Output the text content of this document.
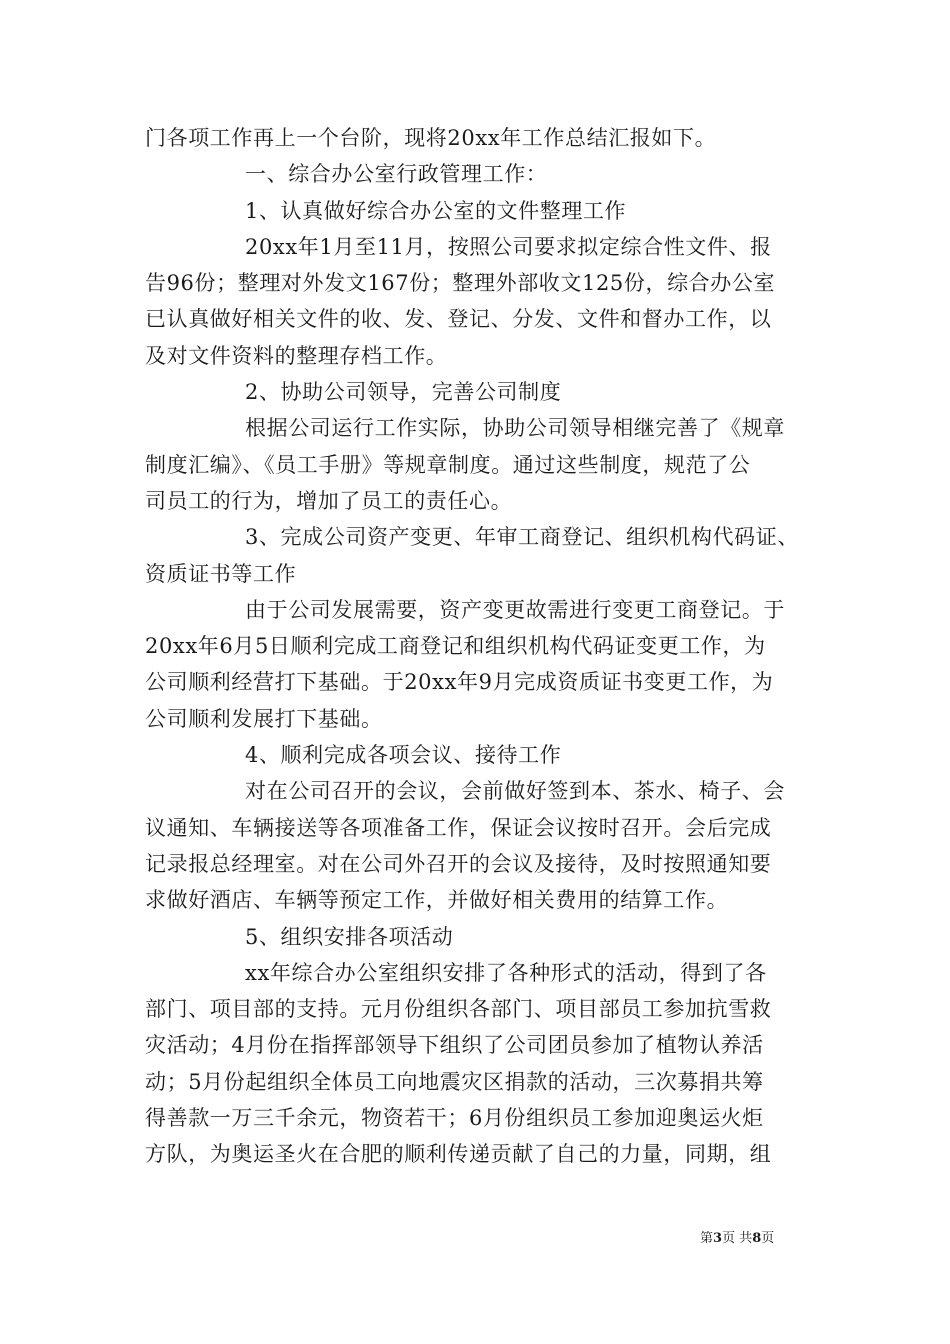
门各项工作再上一个台阶，现将20xx年工作总结汇报如下。
一、综合办公室行政管理工作：
1、认真做好综合办公室的文件整理工作
20xx年1月至11月，按照公司要求拟定综合性文件、报
告96份；整理对外发文167份；整理外部收文125份，综合办公室
已认真做好相关文件的收、发、登记、分发、文件和督办工作，以
及对文件资料的整理存档工作。
2、协助公司领导，完善公司制度
根据公司运行工作实际，协助公司领导相继完善了《规章
制度汇编》、《员工手册》等规章制度。通过这些制度，规范了公
司员工的行为，增加了员工的责任心。
3、完成公司资产变更、年审工商登记、组织机构代码证、
资质证书等工作
由于公司发展需要，资产变更故需进行变更工商登记。于
20xx年6月5日顺利完成工商登记和组织机构代码证变更工作，为
公司顺利经营打下基础。于20xx年9月完成资质证书变更工作，为
公司顺利发展打下基础。
4、顺利完成各项会议、接待工作
对在公司召开的会议，会前做好签到本、茶水、椅子、会
议通知、车辆接送等各项准备工作，保证会议按时召开。会后完成
记录报总经理室。对在公司外召开的会议及接待，及时按照通知要
求做好酒店、车辆等预定工作，并做好相关费用的结算工作。
5、组织安排各项活动
xx年综合办公室组织安排了各种形式的活动，得到了各
部门、项目部的支持。元月份组织各部门、项目部员工参加抗雪救
灾活动；4月份在指挥部领导下组织了公司团员参加了植物认养活
动；5月份起组织全体员工向地震灾区捐款的活动，三次募捐共筹
得善款一万三千余元，物资若干；6月份组织员工参加迎奥运火炬
方队，为奥运圣火在合肥的顺利传递贡献了自己的力量，同期，组
第3页 共8页
